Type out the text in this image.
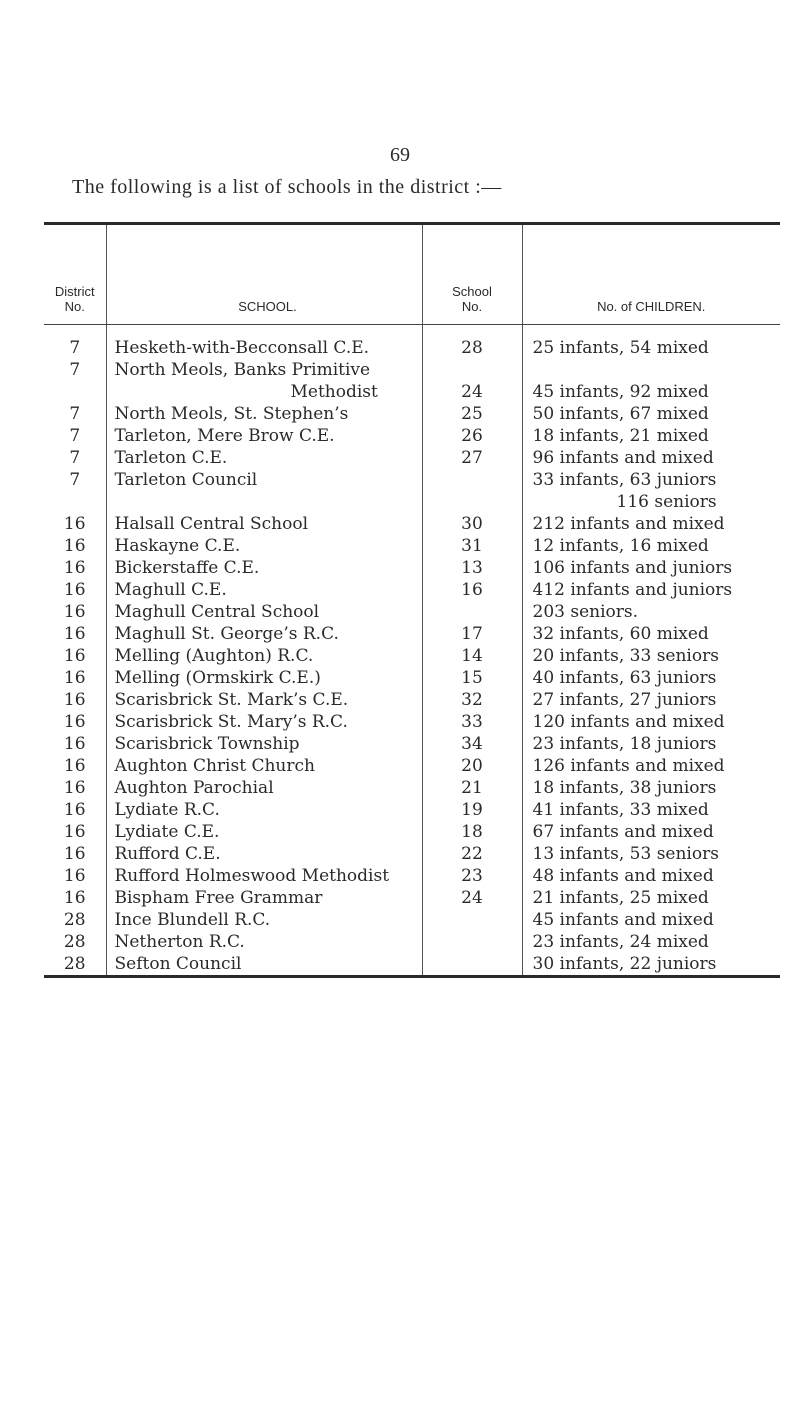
69
The following is a list of schools in the district :—
District
No.	SCHOOL.	School
No.	No. of CHILDREN.
7	Hesketh-with-Becconsall C.E.	28	25 infants, 54 mixed

7	North Meols, Banks Primitive
Methodist	24	45 infants, 92 mixed

7	North Meols, St. Stephen’s	25	50 infants, 67 mixed

7	Tarleton, Mere Brow C.E.	26	18 infants, 21 mixed

7	Tarleton C.E.	27	96 infants and mixed

7	Tarleton Council		33 infants, 63 juniors
116 seniors

16	Halsall Central School	30	212 infants and mixed

16	Haskayne C.E.	31	12 infants, 16 mixed

16	Bickerstaffe C.E.	13	106 infants and juniors

16	Maghull C.E.	16	412 infants and juniors

16	Maghull Central School		203 seniors.

16	Maghull St. George’s R.C.	17	32 infants, 60 mixed

16	Melling (Aughton) R.C.	14	20 infants, 33 seniors

16	Melling (Ormskirk C.E.)	15	40 infants, 63 juniors

16	Scarisbrick St. Mark’s C.E.	32	27 infants, 27 juniors

16	Scarisbrick St. Mary’s R.C.	33	120 infants and mixed

16	Scarisbrick Township	34	23 infants, 18 juniors

16	Aughton Christ Church	20	126 infants and mixed

16	Aughton Parochial	21	18 infants, 38 juniors

16	Lydiate R.C.	19	41 infants, 33 mixed

16	Lydiate C.E.	18	67 infants and mixed

16	Rufford C.E.	22	13 infants, 53 seniors

16	Rufford Holmeswood Methodist	23	48 infants and mixed

16	Bispham Free Grammar	24	21 infants, 25 mixed

28	Ince Blundell R.C.		45 infants and mixed

28	Netherton R.C.		23 infants, 24 mixed

28	Sefton Council		30 infants, 22 juniors
